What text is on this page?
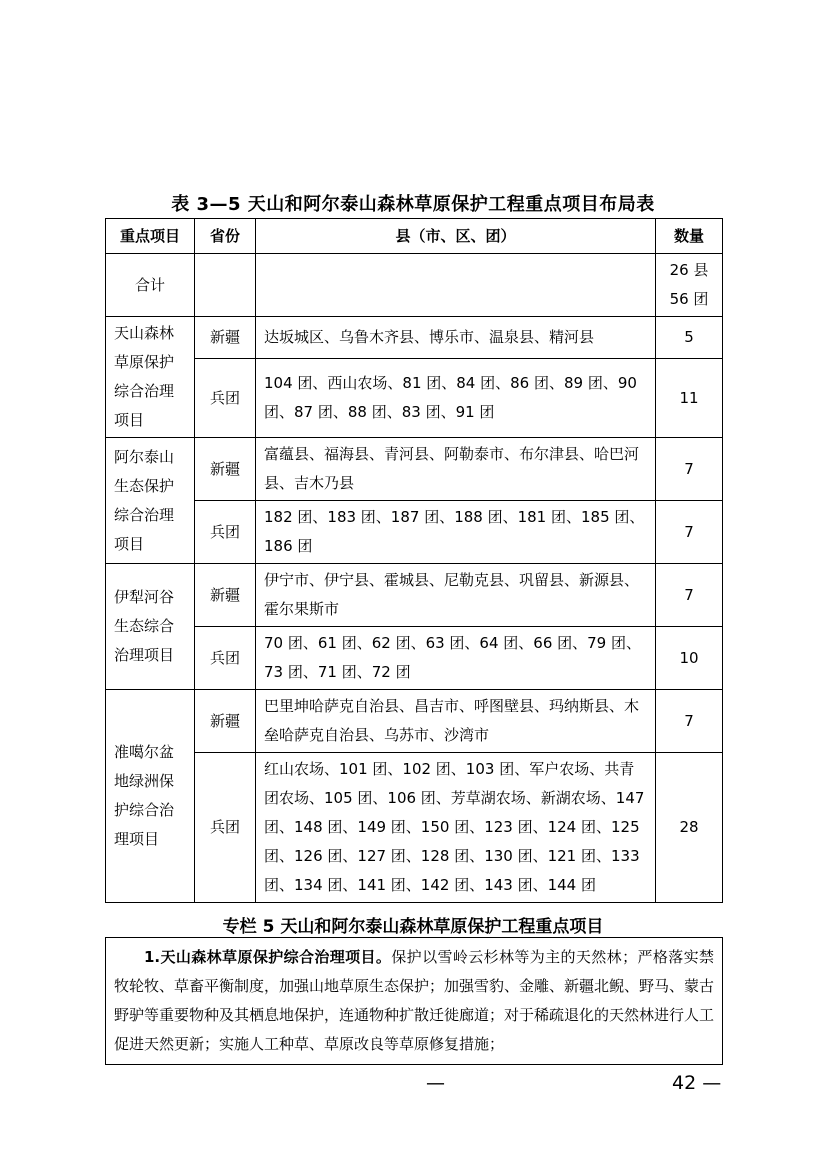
表 3—5 天山和阿尔泰山森林草原保护工程重点项目布局表
重点项目	省份	县（市、区、团）	数量
合计			26 县
56 团

天山森林草原保护综合治理项目	新疆	达坂城区、乌鲁木齐县、博乐市、温泉县、精河县	5
	兵团	104 团、西山农场、81 团、84 团、86 团、89 团、90 团、87 团、88 团、83 团、91 团	11
阿尔泰山生态保护综合治理项目	新疆	富蕴县、福海县、青河县、阿勒泰市、布尔津县、哈巴河县、吉木乃县	7
	兵团	182 团、183 团、187 团、188 团、181 团、185 团、186 团	7
伊犁河谷生态综合治理项目	新疆	伊宁市、伊宁县、霍城县、尼勒克县、巩留县、新源县、霍尔果斯市	7
	兵团	70 团、61 团、62 团、63 团、64 团、66 团、79 团、73 团、71 团、72 团	10
准噶尔盆地绿洲保护综合治理项目	新疆	巴里坤哈萨克自治县、昌吉市、呼图壁县、玛纳斯县、木垒哈萨克自治县、乌苏市、沙湾市	7
	兵团	红山农场、101 团、102 团、103 团、军户农场、共青团农场、105 团、106 团、芳草湖农场、新湖农场、147 团、148 团、149 团、150 团、123 团、124 团、125 团、126 团、127 团、128 团、130 团、121 团、133 团、134 团、141 团、142 团、143 团、144 团	28
专栏 5 天山和阿尔泰山森林草原保护工程重点项目
  1.天山森林草原保护综合治理项目。保护以雪岭云杉林等为主的天然林；严格落实禁牧轮牧、草畜平衡制度，加强山地草原生态保护；加强雪豹、金雕、新疆北鲵、野马、蒙古野驴等重要物种及其栖息地保护，连通物种扩散迁徙廊道；对于稀疏退化的天然林进行人工促进天然更新；实施人工种草、草原改良等草原修复措施；
—	42 —
